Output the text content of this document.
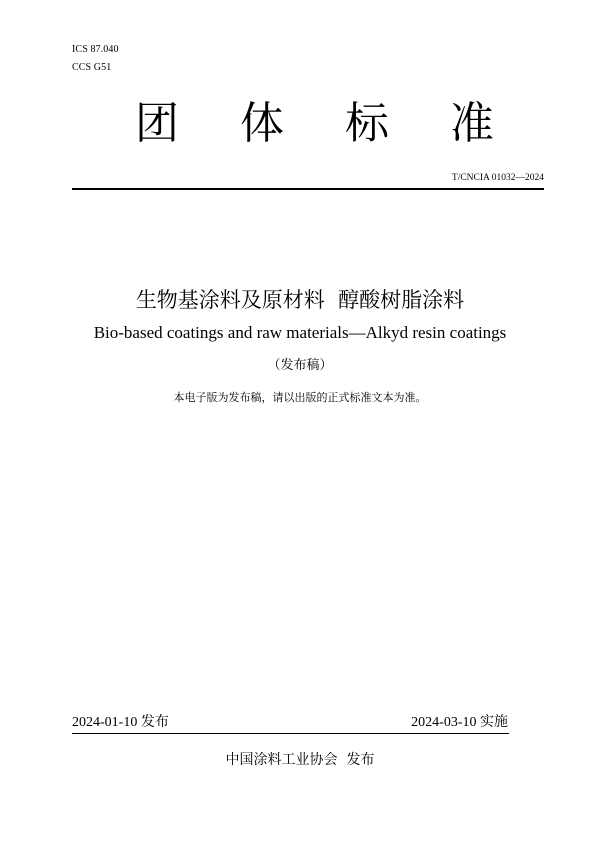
ICS 87.040
CCS G51
团 体 标 准
T/CNCIA 01032—2024
生物基涂料及原材料  醇酸树脂涂料
Bio-based coatings and raw materials—Alkyd resin coatings
（发布稿）
本电子版为发布稿，请以出版的正式标准文本为准。
2024-01-10 发布	2024-03-10 实施
中国涂料工业协会  发布
